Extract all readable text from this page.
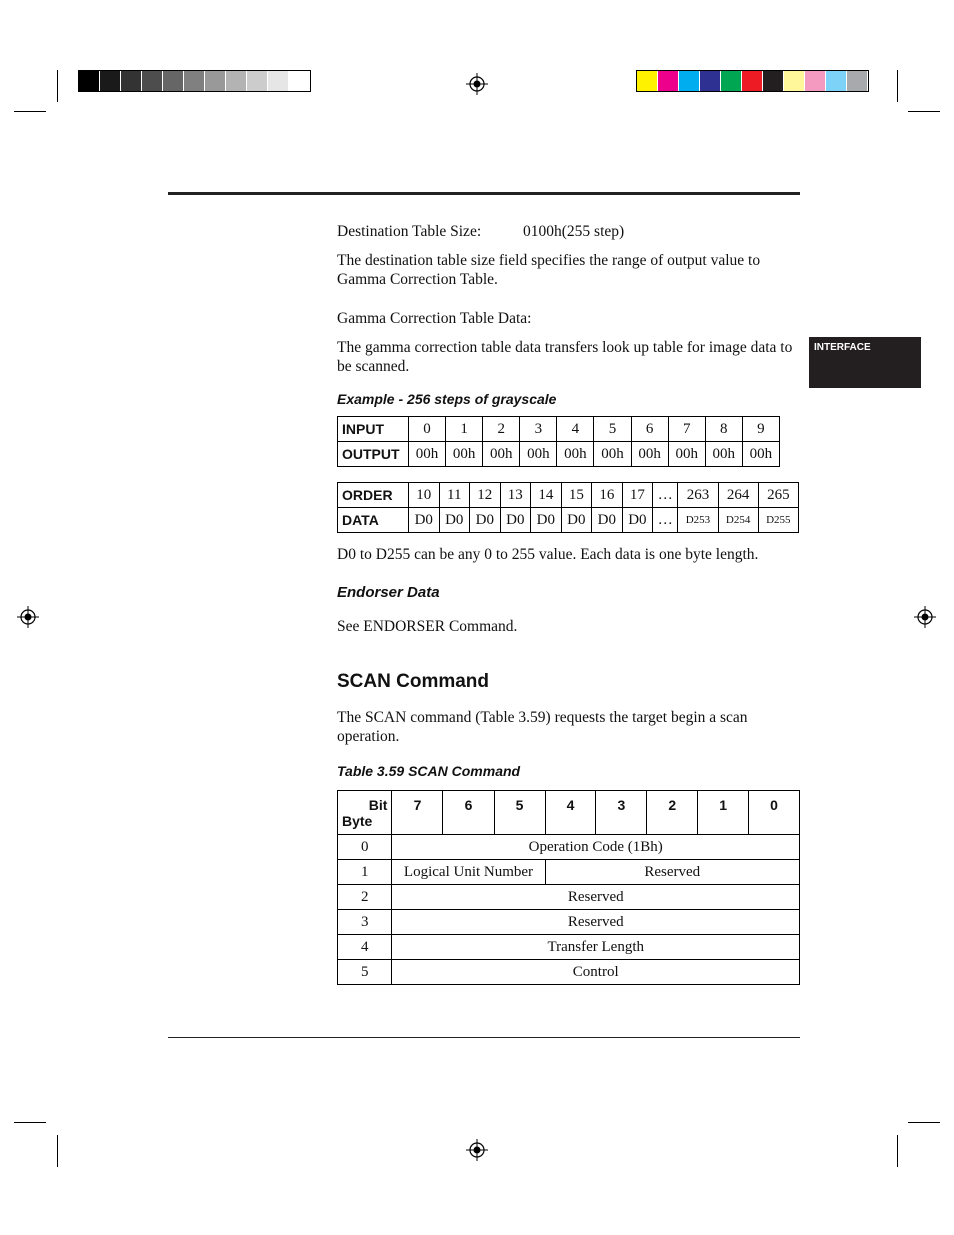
INTERFACE
Destination Table Size:	0100h(255 step)
The destination table size field specifies the range of output value to Gamma Correction Table.
Gamma Correction Table Data:
The gamma correction table data transfers look up table for image data to be scanned.
Example - 256 steps of grayscale
INPUT	0	1	2	3	4	5	6	7	8	9
OUTPUT	00h	00h	00h	00h	00h	00h	00h	00h	00h	00h
ORDER	10	11	12	13	14	15	16	17	…	263	264	265
DATA	D0	D0	D0	D0	D0	D0	D0	D0	…	D253	D254	D255
D0 to D255 can be any 0 to 255 value. Each data is one byte length.
Endorser Data
See ENDORSER Command.
SCAN Command
The SCAN command (Table 3.59) requests the target begin a scan operation.
Table 3.59 SCAN Command
Bit
Byte	7	6	5	4	3	2	1	0
0	Operation Code (1Bh)							
1	Logical Unit Number			Reserved				
2	Reserved							
3	Reserved							
4	Transfer Length							
5	Control							
